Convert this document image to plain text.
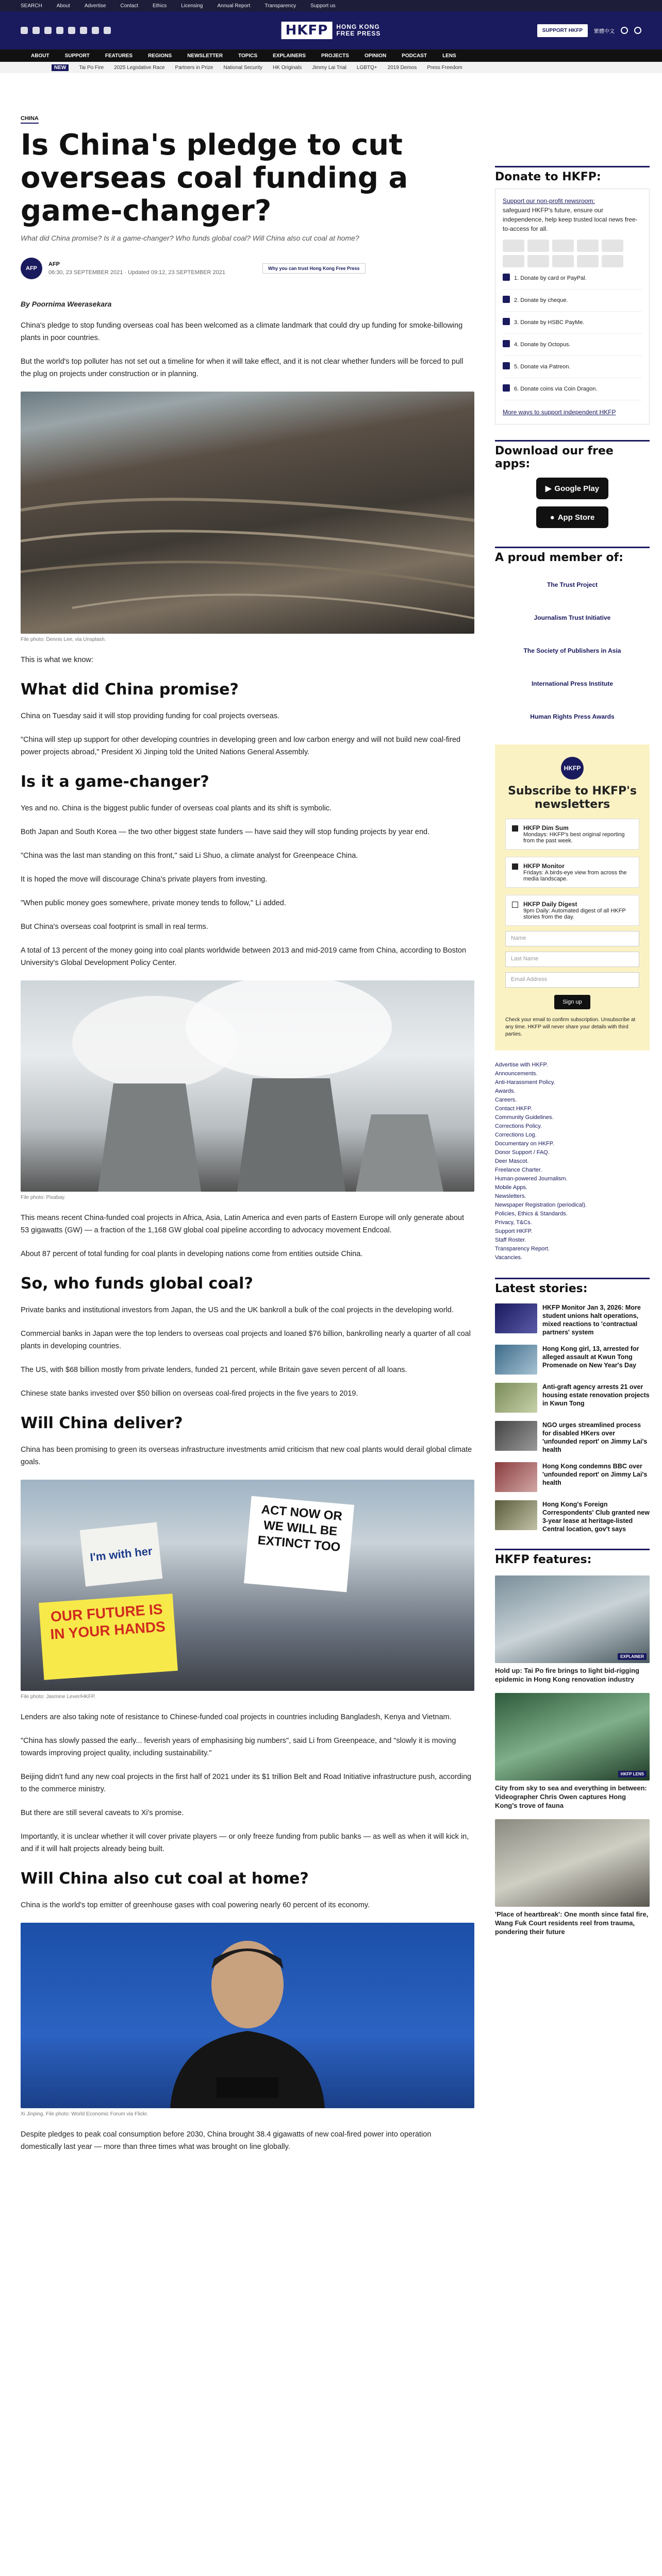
SEARCH	About	Advertise	Contact	Ethics	Licensing	Annual Report	Transparency	Support us
HKFP	HONG KONG
FREE PRESS	SUPPORT HKFP	繁體中文
ABOUT	SUPPORT	FEATURES	REGIONS	NEWSLETTER	TOPICS	EXPLAINERS	PROJECTS	OPINION	PODCAST	LENS
NEW	Tai Po Fire 2025 Legislative Race Partners in Prize National Security HK Originals Jimmy Lai Trial LGBTQ+ 2019 Demos Press Freedom
CHINA
Is China's pledge to cut overseas coal funding a game-changer?
What did China promise? Is it a game-changer? Who funds global coal? Will China also cut coal at home?
AFP
AFP
06:30, 23 SEPTEMBER 2021 · Updated 09:12, 23 SEPTEMBER 2021
Why you can trust Hong Kong Free Press
By Poornima Weerasekara

China's pledge to stop funding overseas coal has been welcomed as a climate landmark that could dry up funding for smoke-billowing plants in poor countries.

But the world's top polluter has not set out a timeline for when it will take effect, and it is not clear whether funders will be forced to pull the plug on projects under construction or in planning.

File photo: Dennis Lee, via Unsplash.

This is what we know:

What did China promise?

China on Tuesday said it will stop providing funding for coal projects overseas.

"China will step up support for other developing countries in developing green and low carbon energy and will not build new coal-fired power projects abroad," President Xi Jinping told the United Nations General Assembly.

Is it a game-changer?

Yes and no. China is the biggest public funder of overseas coal plants and its shift is symbolic.

Both Japan and South Korea — the two other biggest state funders — have said they will stop funding projects by year end.

"China was the last man standing on this front," said Li Shuo, a climate analyst for Greenpeace China.

It is hoped the move will discourage China's private players from investing.

"When public money goes somewhere, private money tends to follow," Li added.

But China's overseas coal footprint is small in real terms.

A total of 13 percent of the money going into coal plants worldwide between 2013 and mid-2019 came from China, according to Boston University's Global Development Policy Center.

File photo: Pixabay.

This means recent China-funded coal projects in Africa, Asia, Latin America and even parts of Eastern Europe will only generate about 53 gigawatts (GW) — a fraction of the 1,168 GW global coal pipeline according to advocacy movement Endcoal.

About 87 percent of total funding for coal plants in developing nations come from entities outside China.

So, who funds global coal?

Private banks and institutional investors from Japan, the US and the UK bankroll a bulk of the coal projects in the developing world.

Commercial banks in Japan were the top lenders to overseas coal projects and loaned $76 billion, bankrolling nearly a quarter of all coal plants in developing countries.

The US, with $68 billion mostly from private lenders, funded 21 percent, while Britain gave seven percent of all loans.

Chinese state banks invested over $50 billion on overseas coal-fired projects in the five years to 2019.

Will China deliver?

China has been promising to green its overseas infrastructure investments amid criticism that new coal plants would derail global climate goals.

I'm with her
ACT NOW OR WE WILL BE EXTINCT TOO
OUR FUTURE IS IN YOUR HANDS
File photo: Jasmine Lever/HKFP.

Lenders are also taking note of resistance to Chinese-funded coal projects in countries including Bangladesh, Kenya and Vietnam.

"China has slowly passed the early... feverish years of emphasising big numbers", said Li from Greenpeace, and "slowly it is moving towards improving project quality, including sustainability."

Beijing didn't fund any new coal projects in the first half of 2021 under its $1 trillion Belt and Road Initiative infrastructure push, according to the commerce ministry.

But there are still several caveats to Xi's promise.

Importantly, it is unclear whether it will cover private players — or only freeze funding from public banks — as well as when it will kick in, and if it will halt projects already being built.

Will China also cut coal at home?

China is the world's top emitter of greenhouse gases with coal powering nearly 60 percent of its economy.

Xi Jinping. File photo: World Economic Forum via Flickr.

Despite pledges to peak coal consumption before 2030, China brought 38.4 gigawatts of new coal-fired power into operation domestically last year — more than three times what was brought on line globally.

Donate to HKFP:
Support our non-profit newsroom:
safeguard HKFP's future, ensure our independence, help keep trusted local news free-to-access for all.
1. Donate by card or PayPal.
2. Donate by cheque.
3. Donate by HSBC PayMe.
4. Donate by Octopus.
5. Donate via Patreon.
6. Donate coins via Coin Dragon.
More ways to support independent HKFP
Download our free apps:
▶ Google Play
● App Store
A proud member of:
The Trust Project
Journalism Trust Initiative
The Society of Publishers in Asia
International Press Institute
Human Rights Press Awards
HKFP
Subscribe to HKFP's newsletters
HKFP Dim Sum
Mondays: HKFP's best original reporting from the past week.
HKFP Monitor
Fridays: A birds-eye view from across the media landscape.
HKFP Daily Digest
9pm Daily: Automated digest of all HKFP stories from the day.
Name
Last Name
Email Address
Sign up
Check your email to confirm subscription. Unsubscribe at any time. HKFP will never share your details with third parties.
Advertise with HKFP.
Announcements.
Anti-Harassment Policy.
Awards.
Careers.
Contact HKFP.
Community Guidelines.
Corrections Policy.
Corrections Log.
Documentary on HKFP.
Donor Support / FAQ.
Deer Mascot.
Freelance Charter.
Human-powered Journalism.
Mobile Apps.
Newsletters.
Newspaper Registration (periodical).
Policies, Ethics & Standards.
Privacy, T&Cs.
Support HKFP.
Staff Roster.
Transparency Report.
Vacancies.
Latest stories:
HKFP Monitor Jan 3, 2026: More student unions halt operations, mixed reactions to 'contractual partners' system
Hong Kong girl, 13, arrested for alleged assault at Kwun Tong Promenade on New Year's Day
Anti-graft agency arrests 21 over housing estate renovation projects in Kwun Tong
NGO urges streamlined process for disabled HKers over 'unfounded report' on Jimmy Lai's health
Hong Kong condemns BBC over 'unfounded report' on Jimmy Lai's health
Hong Kong's Foreign Correspondents' Club granted new 3-year lease at heritage-listed Central location, gov't says
HKFP features:
EXPLAINER
Hold up: Tai Po fire brings to light bid-rigging epidemic in Hong Kong renovation industry
HKFP LENS
City from sky to sea and everything in between: Videographer Chris Owen captures Hong Kong's trove of fauna
'Place of heartbreak': One month since fatal fire, Wang Fuk Court residents reel from trauma, pondering their future
